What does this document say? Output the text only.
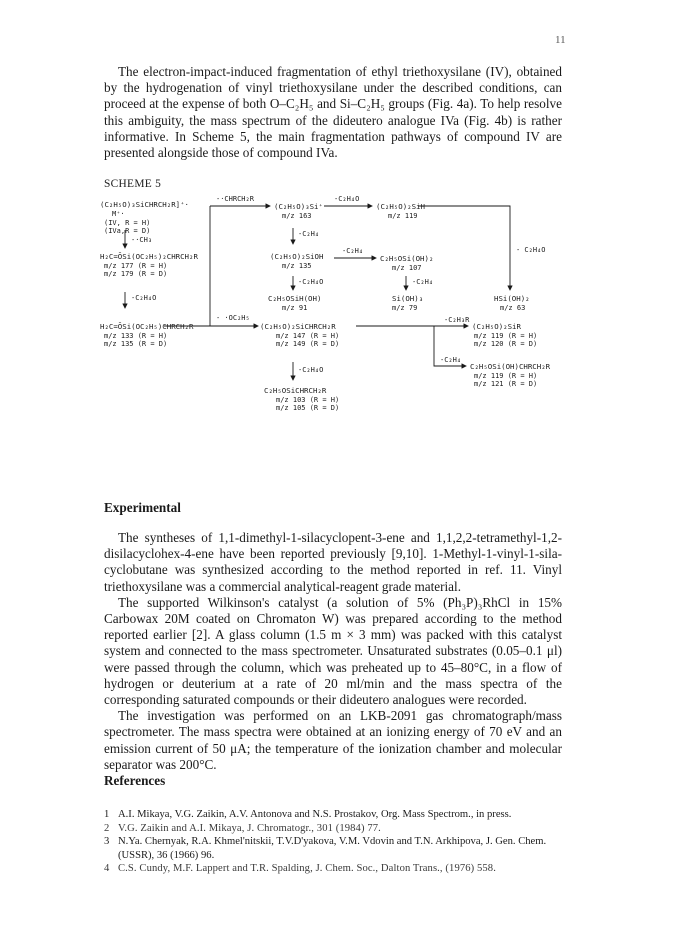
11

The electron-impact-induced fragmentation of ethyl triethoxysilane (IV), obtained by the hydrogenation of vinyl triethoxysilane under the described conditions, can proceed at the expense of both O–C₂H₅ and Si–C₂H₅ groups (Fig. 4a). To help resolve this ambiguity, the mass spectrum of the dideutero analogue IVa (Fig. 4b) is rather informative. In Scheme 5, the main fragmentation pathways of compound IV are presented alongside those of compound IVa.

SCHEME 5
(C₂H₅O)₃SiCHRCH₂R]⁺·
M⁺·
(IV, R = H)
(IVa,R = D)
-·CH₃
H₂C=ŌSi(OC₂H₅)₂CHRCH₂R
m/z 177 (R = H)
m/z 179 (R = D)
-C₂H₄O
H₂C=ŌSi(OC₂H₅)CHRCH₂R
m/z 133 (R = H)
m/z 135 (R = D)
-·CHRCH₂R
(C₂H₅O)₃Si⁺
m/z 163
-C₂H₄
(C₂H₅O)₂SiOH
m/z 135
-C₂H₄O
C₂H₅OSiH(OH)
m/z 91
-C₂H₄O
(C₂H₅O)₂SiH
m/z 119
-C₂H₄
C₂H₅OSi(OH)₂
m/z 107
-C₂H₄
Si(OH)₃
m/z 79
- C₂H₄O
HSi(OH)₂
m/z 63
- ·OC₂H₅
(C₂H₅O)₂SiCHRCH₂R
m/z 147 (R = H)
m/z 149 (R = D)
-C₂H₃R
(C₂H₅O)₂SiR
m/z 119 (R = H)
m/z 120 (R = D)
-C₂H₄
C₂H₅OSi(OH)CHRCH₂R
m/z 119 (R = H)
m/z 121 (R = D)
-C₂H₄O
C₂H₅OSiCHRCH₂R
m/z 103 (R = H)
m/z 105 (R = D)
Experimental

The syntheses of 1,1-dimethyl-1-silacyclopent-3-ene and 1,1,2,2-tetramethyl-1,2-disilacyclohex-4-ene have been reported previously [9,10]. 1-Methyl-1-vinyl-1-sila-cyclobutane was synthesized according to the method reported in ref. 11. Vinyl triethoxysilane was a commercial analytical-reagent grade material.

The supported Wilkinson's catalyst (a solution of 5% (Ph₃P)₃RhCl in 15% Carbowax 20M coated on Chromaton W) was prepared according to the method reported earlier [2]. A glass column (1.5 m × 3 mm) was packed with this catalyst system and connected to the mass spectrometer. Unsaturated substrates (0.05–0.1 μl) were passed through the column, which was preheated up to 45–80°C, in a flow of hydrogen or deuterium at a rate of 20 ml/min and the mass spectra of the corresponding saturated compounds or their dideutero analogues were recorded.

The investigation was performed on an LKB-2091 gas chromatograph/mass spectrometer. The mass spectra were obtained at an ionizing energy of 70 eV and an emission current of 50 μA; the temperature of the ionization chamber and molecular separator was 200°C.

References
1 A.I. Mikaya, V.G. Zaikin, A.V. Antonova and N.S. Prostakov, Org. Mass Spectrom., in press.
2 V.G. Zaikin and A.I. Mikaya, J. Chromatogr., 301 (1984) 77.
3 N.Ya. Chernyak, R.A. Khmel'nitskii, T.V.D'yakova, V.M. Vdovin and T.N. Arkhipova, J. Gen. Chem. (USSR), 36 (1966) 96.
4 C.S. Cundy, M.F. Lappert and T.R. Spalding, J. Chem. Soc., Dalton Trans., (1976) 558.
